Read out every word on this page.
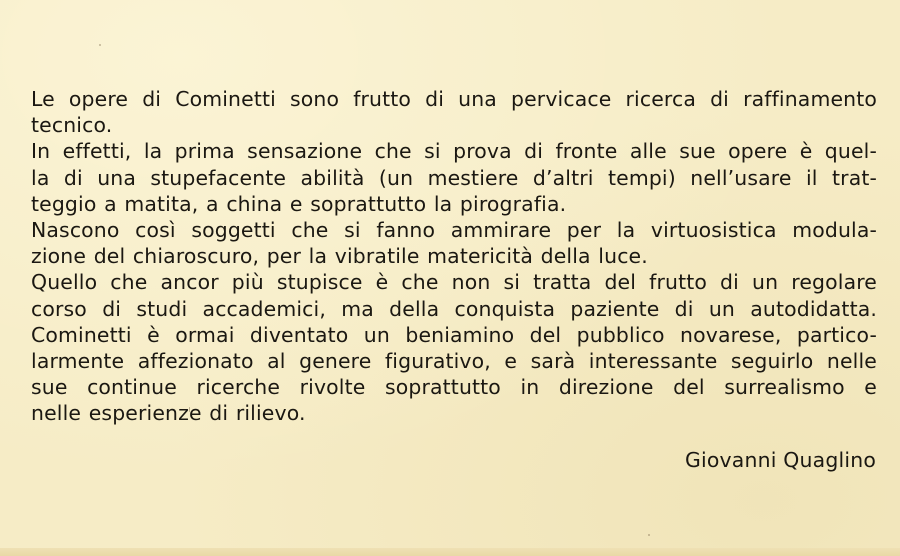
Le opere di Cominetti sono frutto di una pervicace ricerca di raffinamento
tecnico.
In effetti, la prima sensazione che si prova di fronte alle sue opere è quel-
la di una stupefacente abilità (un mestiere d’altri tempi) nell’usare il trat-
teggio a matita, a china e soprattutto la pirografia.
Nascono così soggetti che si fanno ammirare per la virtuosistica modula-
zione del chiaroscuro, per la vibratile matericità della luce.
Quello che ancor più stupisce è che non si tratta del frutto di un regolare
corso di studi accademici, ma della conquista paziente di un autodidatta.
Cominetti è ormai diventato un beniamino del pubblico novarese, partico-
larmente affezionato al genere figurativo, e sarà interessante seguirlo nelle
sue continue ricerche rivolte soprattutto in direzione del surrealismo e
nelle esperienze di rilievo.
Giovanni Quaglino
